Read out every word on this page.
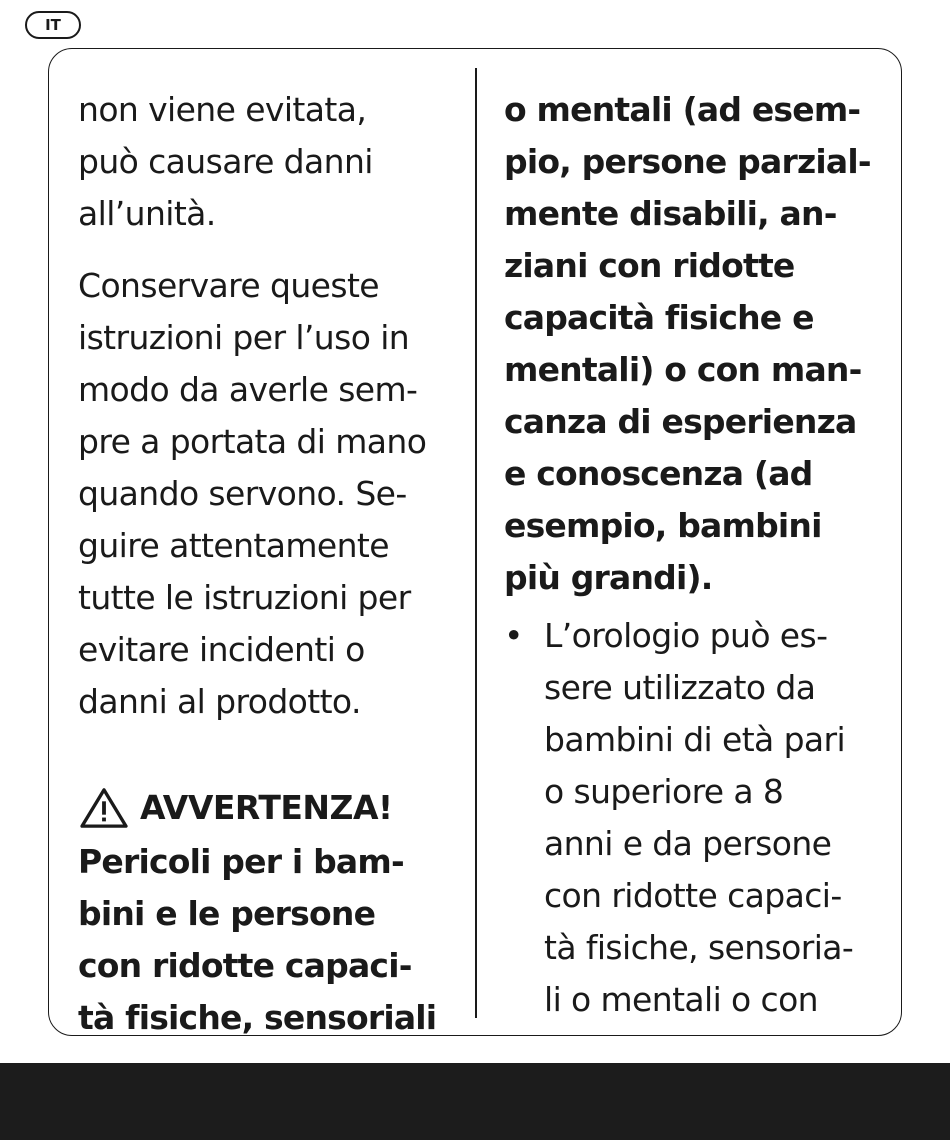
IT

non viene evitata,
può causare danni
all’unità.

Conservare queste
istruzioni per l’uso in
modo da averle sem-
pre a portata di mano
quando servono. Se-
guire attentamente
tutte le istruzioni per
evitare incidenti o
danni al prodotto.

AVVERTENZA!

Pericoli per i bam-
bini e le persone
con ridotte capaci-
tà fisiche, sensoriali

o mentali (ad esem-
pio, persone parzial-
mente disabili, an-
ziani con ridotte
capacità fisiche e
mentali) o con man-
canza di esperienza
e conoscenza (ad
esempio, bambini
più grandi).

• L’orologio può es-
sere utilizzato da
bambini di età pari
o superiore a 8
anni e da persone
con ridotte capaci-
tà fisiche, sensoria-
li o mentali o con
